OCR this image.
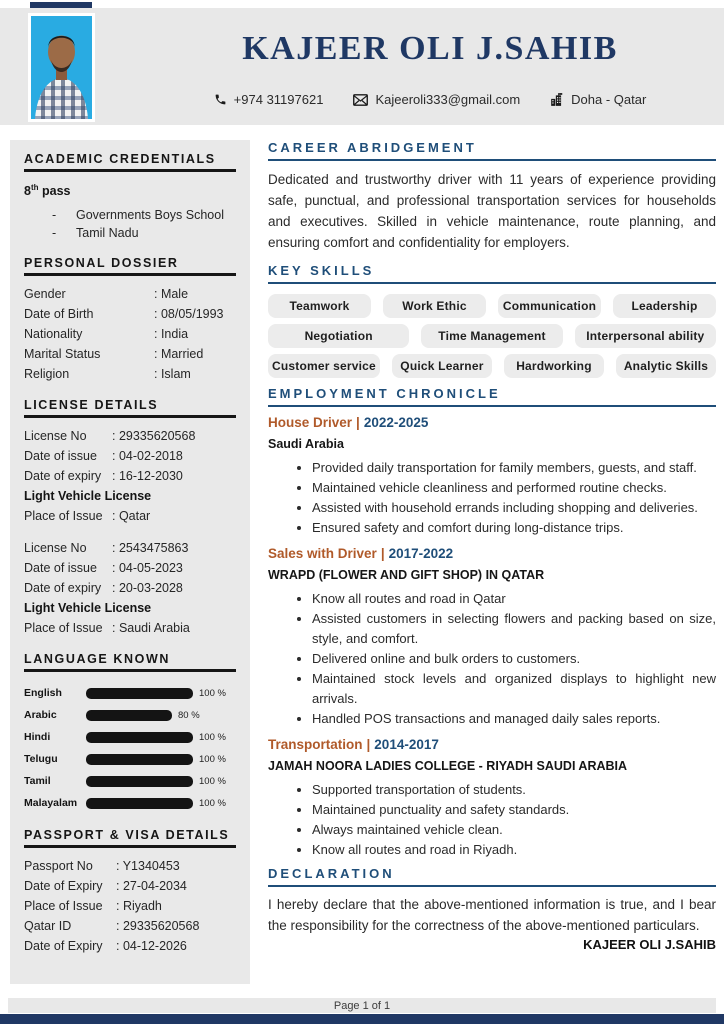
KAJEER OLI J.SAHIB
+974 31197621	Kajeeroli333@gmail.com	Doha - Qatar
ACADEMIC CREDENTIALS
8th pass
- Governments Boys School
- Tamil Nadu
PERSONAL DOSSIER
Gender	: Male
Date of Birth	: 08/05/1993
Nationality	: India
Marital Status	: Married
Religion	: Islam
LICENSE DETAILS
License No	: 29335620568
Date of issue	: 04-02-2018
Date of expiry : 16-12-2030
Light Vehicle License
Place of Issue : Qatar
License No	: 2543475863
Date of issue	: 04-05-2023
Date of expiry : 20-03-2028
Light Vehicle License
Place of Issue : Saudi Arabia
LANGUAGE KNOWN
English	100 %
Arabic	80 %
Hindi	100 %
Telugu	100 %
Tamil	100 %
Malayalam	100 %
PASSPORT & VISA DETAILS
Passport No	: Y1340453
Date of Expiry	: 27-04-2034
Place of Issue	: Riyadh
Qatar ID	: 29335620568
Date of Expiry	: 04-12-2026
CAREER ABRIDGEMENT
Dedicated and trustworthy driver with 11 years of experience providing safe, punctual, and professional transportation services for households and executives. Skilled in vehicle maintenance, route planning, and ensuring comfort and confidentiality for employers.
KEY SKILLS
Teamwork	Work Ethic	Communication	Leadership
Negotiation	Time Management	Interpersonal ability
Customer service	Quick Learner	Hardworking	Analytic Skills
EMPLOYMENT CHRONICLE
House Driver | 2022-2025
Saudi Arabia
• Provided daily transportation for family members, guests, and staff.
• Maintained vehicle cleanliness and performed routine checks.
• Assisted with household errands including shopping and deliveries.
• Ensured safety and comfort during long-distance trips.
Sales with Driver | 2017-2022
WRAPD (FLOWER AND GIFT SHOP) IN QATAR
• Know all routes and road in Qatar
• Assisted customers in selecting flowers and packing based on size, style, and comfort.
• Delivered online and bulk orders to customers.
• Maintained stock levels and organized displays to highlight new arrivals.
• Handled POS transactions and managed daily sales reports.
Transportation | 2014-2017
JAMAH NOORA LADIES COLLEGE - RIYADH SAUDI ARABIA
• Supported transportation of students.
• Maintained punctuality and safety standards.
• Always maintained vehicle clean.
• Know all routes and road in Riyadh.
DECLARATION
I hereby declare that the above-mentioned information is true, and I bear the responsibility for the correctness of the above-mentioned particulars.
KAJEER OLI J.SAHIB
Page 1 of 1
